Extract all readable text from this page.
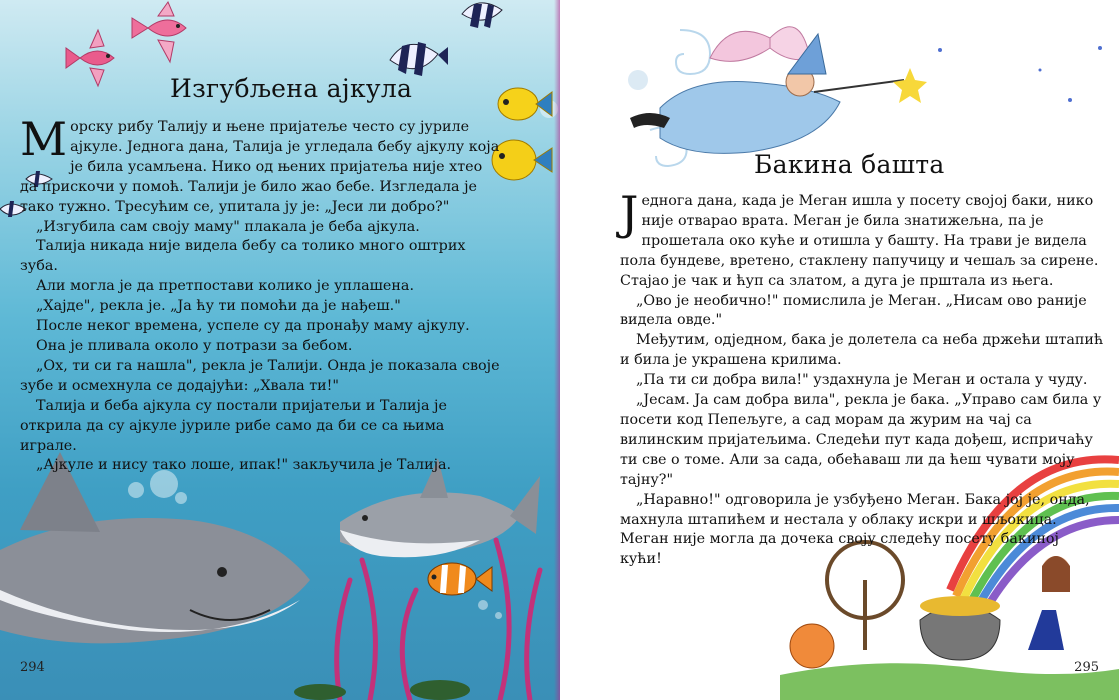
Изгубљена ајкула

Морску рибу Талију и њене пријатеље често су јуриле ајкуле. Једнога дана, Талија је угледала бебу ајкулу која је била усамљена. Нико од њених пријатеља није хтео да прискочи у помоћ. Талији је било жао бебе. Изгледала је тако тужно. Тресућим се, упитала ју је: „Јеси ли добро?"

„Изгубила сам своју маму" плакала је беба ајкула.

Талија никада није видела бебу са толико много оштрих зуба.

Али могла је да претпостави колико је уплашена.

„Хајде", рекла је. „Ја ћу ти помоћи да је нађеш."

После неког времена, успеле су да пронађу маму ајкулу.

Она је пливала около у потрази за бебом.

„Ох, ти си га нашла", рекла је Талији. Онда је показала своје зубе и осмехнула се додајући: „Хвала ти!"

Талија и беба ајкула су постали пријатељи и Талија је открила да су ајкуле јуриле рибе само да би се са њима играле.

„Ајкуле и нису тако лоше, ипак!" закључила је Талија.

294
Бакина башта

Једнога дана, када је Меган ишла у посету својој баки, нико није отварао врата. Меган је била знатижељна, па је прошетала око куће и отишла у башту. На трави је видела пола бундеве, вретено, стаклену папучицу и чешаљ за сирене. Стајао је чак и ћуп са златом, а дуга је прштала из њега.

„Ово је необично!" помислила је Меган. „Нисам ово раније видела овде."

Међутим, одједном, бака је долетела са неба држећи штапић и била је украшена крилима.

„Па ти си добра вила!" уздахнула је Меган и остала у чуду.

„Јесам. Ја сам добра вила", рекла је бака. „Управо сам била у посети код Пепељуге, а сад морам да журим на чај са вилинским пријатељима. Следећи пут када дођеш, испричаћу ти све о томе. Али за сада, обећаваш ли да ћеш чувати моју тајну?"

„Наравно!" одговорила је узбуђено Меган. Бака јој је, онда, махнула штапићем и нестала у облаку искри и шљокица. Меган није могла да дочека своју следећу посету бакиној кући!

295
